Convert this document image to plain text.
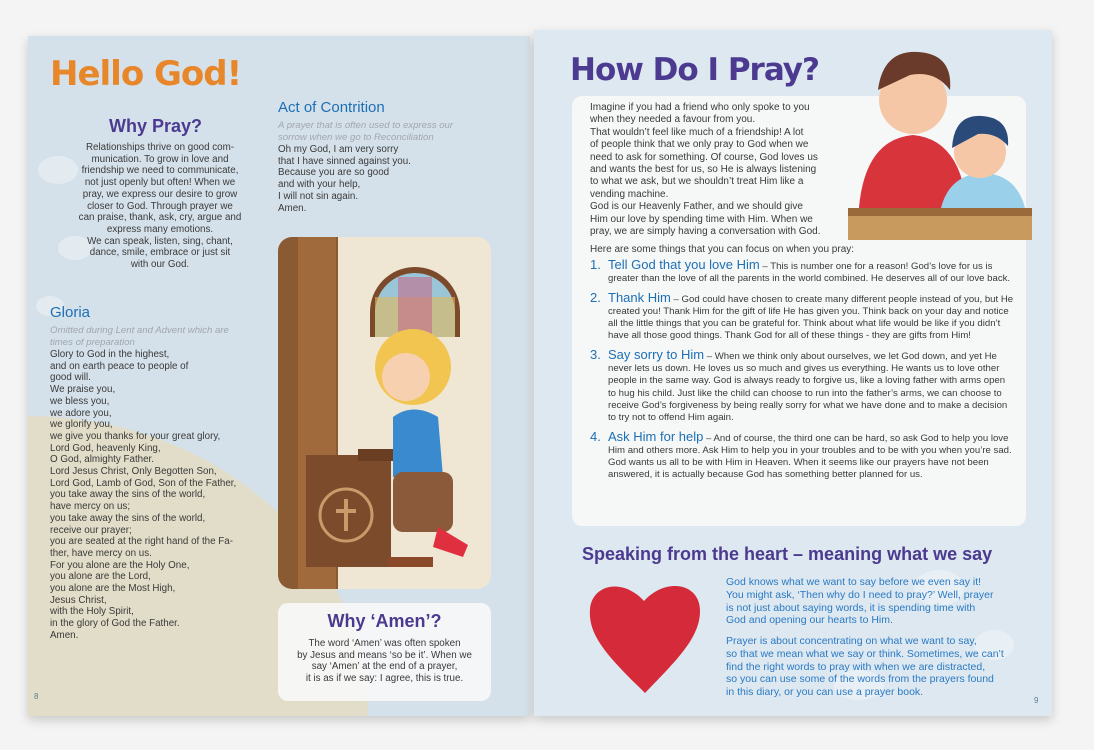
Hello God!
Why Pray?
Relationships thrive on good com-
munication. To grow in love and
friendship we need to communicate,
not just openly but often! When we
pray, we express our desire to grow
closer to God. Through prayer we
can praise, thank, ask, cry, argue and
express many emotions.
We can speak, listen, sing, chant,
dance, smile, embrace or just sit
with our God.
Gloria
Omitted during Lent and Advent which are
times of preparation
Glory to God in the highest,
and on earth peace to people of
good will.
We praise you,
we bless you,
we adore you,
we glorify you,
we give you thanks for your great glory,
Lord God, heavenly King,
O God, almighty Father.
Lord Jesus Christ, Only Begotten Son,
Lord God, Lamb of God, Son of the Father,
you take away the sins of the world,
have mercy on us;
you take away the sins of the world,
receive our prayer;
you are seated at the right hand of the Fa-
ther, have mercy on us.
For you alone are the Holy One,
you alone are the Lord,
you alone are the Most High,
Jesus Christ,
with the Holy Spirit,
in the glory of God the Father.
Amen.
Act of Contrition
A prayer that is often used to express our
sorrow when we go to Reconciliation
Oh my God, I am very sorry
that I have sinned against you.
Because you are so good
and with your help,
I will not sin again.
Amen.
Why ‘Amen’?
The word ‘Amen’ was often spoken
by Jesus and means ‘so be it’. When we
say ‘Amen’ at the end of a prayer,
it is as if we say: I agree, this is true.
8
How Do I Pray?
Imagine if you had a friend who only spoke to you
when they needed a favour from you.
That wouldn’t feel like much of a friendship! A lot
of people think that we only pray to God when we
need to ask for something. Of course, God loves us
and wants the best for us, so He is always listening
to what we ask, but we shouldn’t treat Him like a
vending machine.
God is our Heavenly Father, and we should give
Him our love by spending time with Him. When we
pray, we are simply having a conversation with God.
Here are some things that you can focus on when you pray:
1. Tell God that you love Him – This is number one for a reason! God’s love for us is greater than the love of all the parents in the world combined. He deserves all of our love back.
2. Thank Him – God could have chosen to create many different people instead of you, but He created you! Thank Him for the gift of life He has given you. Think back on your day and notice all the little things that you can be grateful for. Think about what life would be like if you didn’t have all those good things. Thank God for all of these things - they are gifts from Him!
3. Say sorry to Him – When we think only about ourselves, we let God down, and yet He never lets us down. He loves us so much and gives us everything. He wants us to love other people in the same way. God is always ready to forgive us, like a loving father with arms open to hug his child. Just like the child can choose to run into the father’s arms, we can choose to receive God’s forgiveness by being really sorry for what we have done and to make a decision to try not to offend Him again.
4. Ask Him for help – And of course, the third one can be hard, so ask God to help you love Him and others more. Ask Him to help you in your troubles and to be with you when you’re sad. God wants us all to be with Him in Heaven. When it seems like our prayers have not been answered, it is actually because God has something better planned for us.
Speaking from the heart – meaning what we say
God knows what we want to say before we even say it!
You might ask, ‘Then why do I need to pray?’ Well, prayer
is not just about saying words, it is spending time with
God and opening our hearts to Him.
Prayer is about concentrating on what we want to say,
so that we mean what we say or think. Sometimes, we can’t
find the right words to pray with when we are distracted,
so you can use some of the words from the prayers found
in this diary, or you can use a prayer book.
9
